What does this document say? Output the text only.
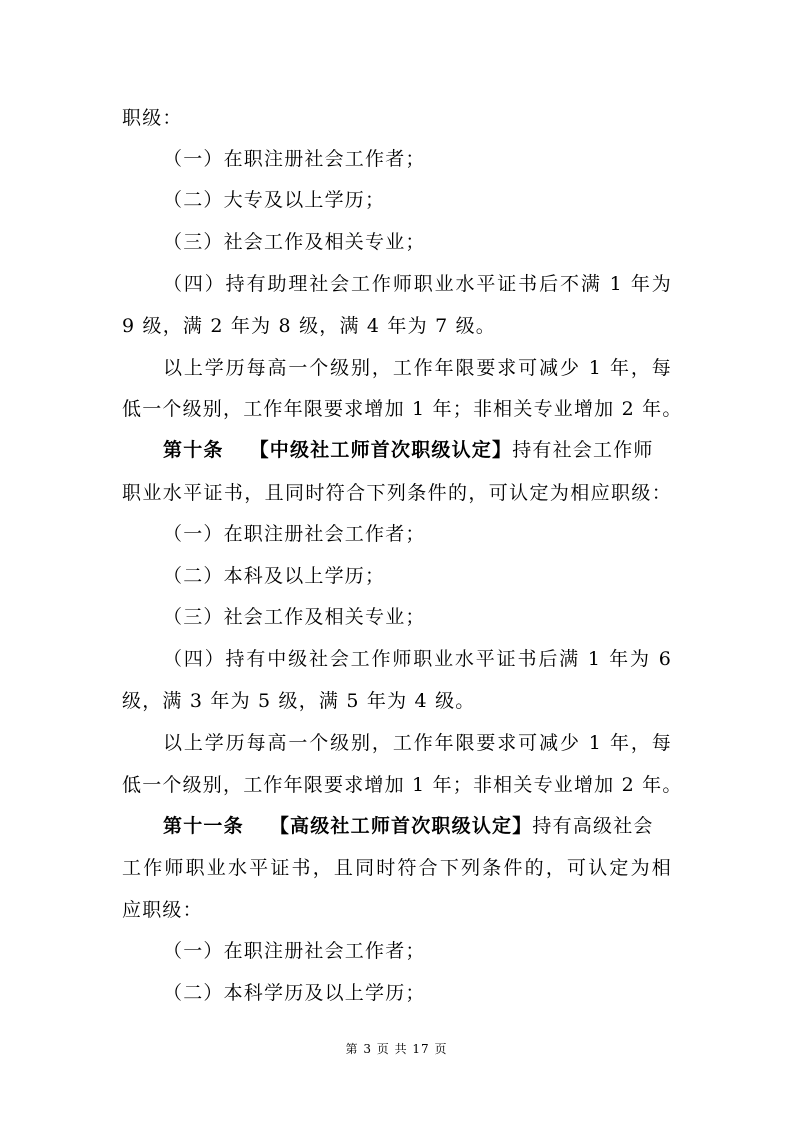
职级：
（一）在职注册社会工作者；
（二）大专及以上学历；
（三）社会工作及相关专业；
（四）持有助理社会工作师职业水平证书后不满 1 年为
9 级，满 2 年为 8 级，满 4 年为 7 级。
以上学历每高一个级别，工作年限要求可减少 1 年，每
低一个级别，工作年限要求增加 1 年；非相关专业增加 2 年。
第十条 【中级社工师首次职级认定】持有社会工作师
职业水平证书，且同时符合下列条件的，可认定为相应职级：
（一）在职注册社会工作者；
（二）本科及以上学历；
（三）社会工作及相关专业；
（四）持有中级社会工作师职业水平证书后满 1 年为 6
级，满 3 年为 5 级，满 5 年为 4 级。
以上学历每高一个级别，工作年限要求可减少 1 年，每
低一个级别，工作年限要求增加 1 年；非相关专业增加 2 年。
第十一条 【高级社工师首次职级认定】持有高级社会
工作师职业水平证书，且同时符合下列条件的，可认定为相
应职级：
（一）在职注册社会工作者；
（二）本科学历及以上学历；
第 3 页 共 17 页
